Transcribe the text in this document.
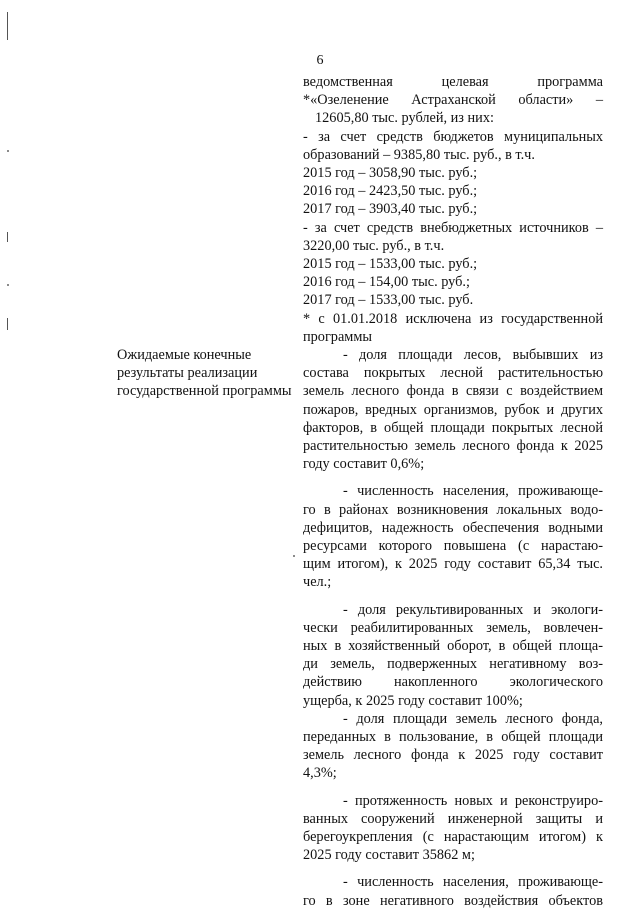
6
ведомственная целевая программа
*«Озеленение Астраханской области» –
12605,80 тыс. рублей, из них:
- за счет средств бюджетов муниципальных
образований – 9385,80 тыс. руб., в т.ч.
2015 год – 3058,90 тыс. руб.;
2016 год – 2423,50 тыс. руб.;
2017 год – 3903,40 тыс. руб.;
- за счет средств внебюджетных источников –
3220,00 тыс. руб., в т.ч.
2015 год – 1533,00 тыс. руб.;
2016 год – 154,00 тыс. руб.;
2017 год – 1533,00 тыс. руб.
* с 01.01.2018 исключена из государственной
программы
Ожидаемые конечные
результаты реализации
государственной программы
- доля площади лесов, выбывших из
состава покрытых лесной растительностью
земель лесного фонда в связи с воздействием
пожаров, вредных организмов, рубок и других
факторов, в общей площади покрытых лесной
растительностью земель лесного фонда к 2025
году составит 0,6%;
- численность населения, проживающе-
го в районах возникновения локальных водо-
дефицитов, надежность обеспечения водными
ресурсами которого повышена (с нарастаю-
щим итогом), к 2025 году составит 65,34 тыс.
чел.;
- доля рекультивированных и экологи-
чески реабилитированных земель, вовлечен-
ных в хозяйственный оборот, в общей площа-
ди земель, подверженных негативному воз-
действию накопленного экологического
ущерба, к 2025 году составит 100%;
- доля площади земель лесного фонда,
переданных в пользование, в общей площади
земель лесного фонда к 2025 году составит
4,3%;
- протяженность новых и реконструиро-
ванных сооружений инженерной защиты и
берегоукрепления (с нарастающим итогом) к
2025 году составит 35862 м;
- численность населения, проживающе-
го в зоне негативного воздействия объектов
